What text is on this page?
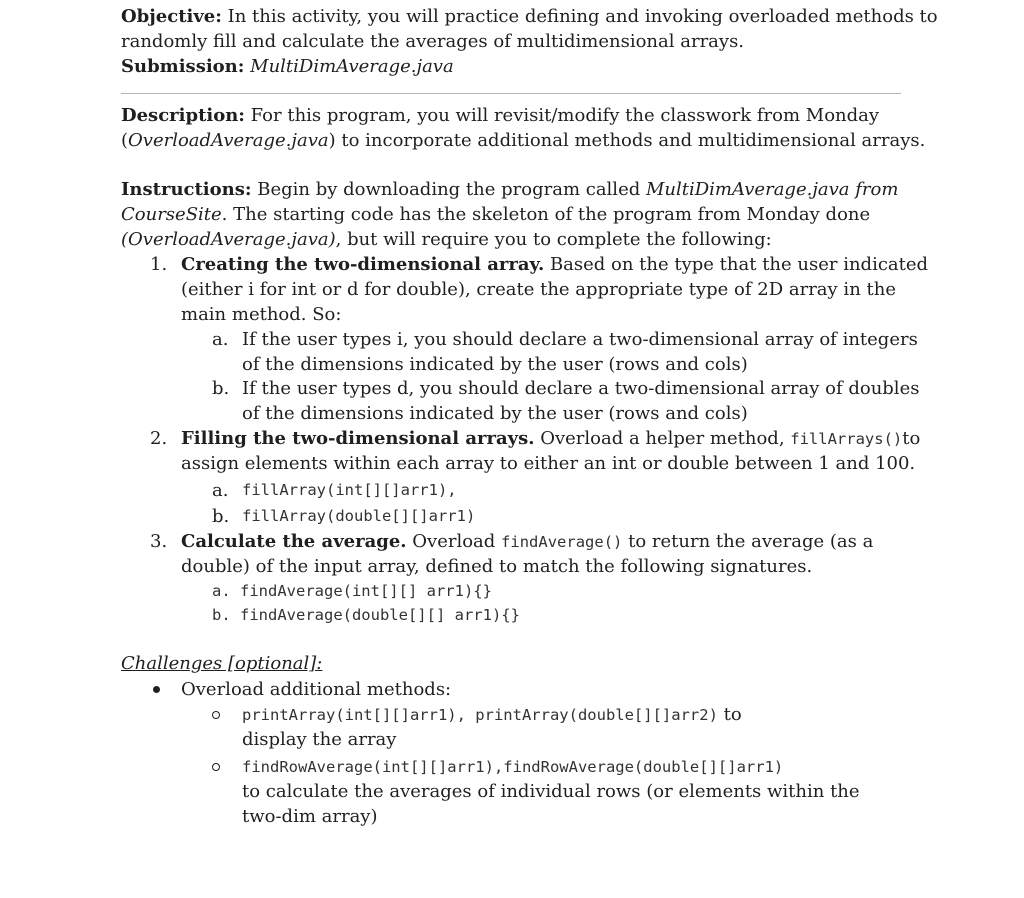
Objective: In this activity, you will practice defining and invoking overloaded methods to
randomly fill and calculate the averages of multidimensional arrays.
Submission: MultiDimAverage.java
Description: For this program, you will revisit/modify the classwork from Monday
(OverloadAverage.java) to incorporate additional methods and multidimensional arrays.
Instructions: Begin by downloading the program called MultiDimAverage.java from
CourseSite. The starting code has the skeleton of the program from Monday done
(OverloadAverage.java), but will require you to complete the following:
1. Creating the two-dimensional array. Based on the type that the user indicated
(either i for int or d for double), create the appropriate type of 2D array in the
main method. So:
a. If the user types i, you should declare a two-dimensional array of integers
of the dimensions indicated by the user (rows and cols)
b. If the user types d, you should declare a two-dimensional array of doubles
of the dimensions indicated by the user (rows and cols)
2. Filling the two-dimensional arrays. Overload a helper method, fillArrays()to
assign elements within each array to either an int or double between 1 and 100.
a. fillArray(int[][]arr1),
b. fillArray(double[][]arr1)
3. Calculate the average. Overload findAverage() to return the average (as a
double) of the input array, defined to match the following signatures.
a. findAverage(int[][] arr1){}
b. findAverage(double[][] arr1){}
Challenges [optional]:
Overload additional methods:
printArray(int[][]arr1), printArray(double[][]arr2) to
display the array
findRowAverage(int[][]arr1),findRowAverage(double[][]arr1)
to calculate the averages of individual rows (or elements within the
two-dim array)
